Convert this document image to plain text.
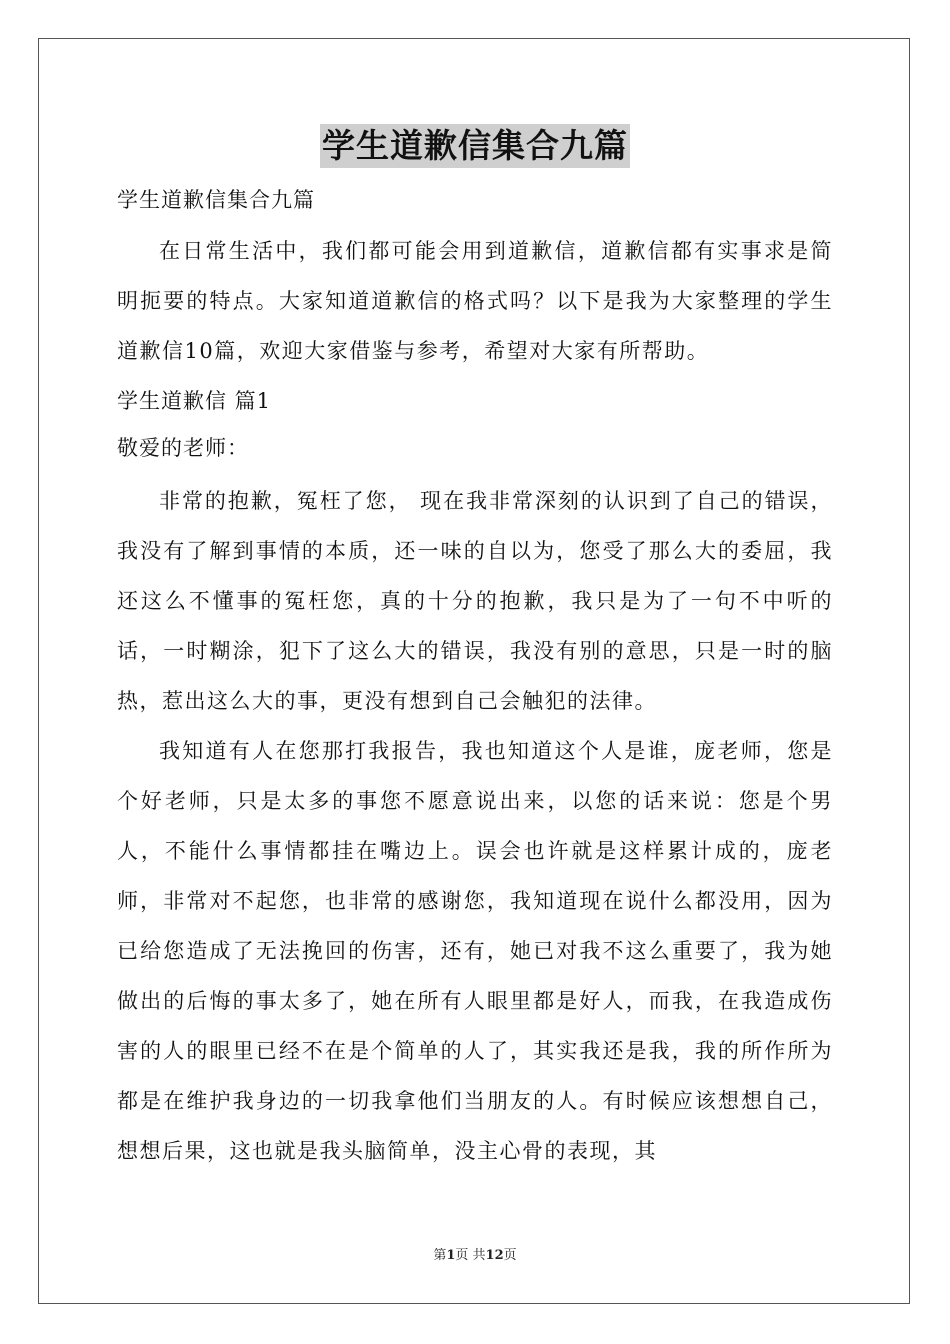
学生道歉信集合九篇
学生道歉信集合九篇

在日常生活中，我们都可能会用到道歉信，道歉信都有实事求是简明扼要的特点。大家知道道歉信的格式吗？以下是我为大家整理的学生道歉信10篇，欢迎大家借鉴与参考，希望对大家有所帮助。

学生道歉信 篇1
敬爱的老师：

非常的抱歉，冤枉了您， 现在我非常深刻的认识到了自己的错误，我没有了解到事情的本质，还一味的自以为，您受了那么大的委屈，我还这么不懂事的冤枉您，真的十分的抱歉，我只是为了一句不中听的话，一时糊涂，犯下了这么大的错误，我没有别的意思，只是一时的脑热，惹出这么大的事，更没有想到自己会触犯的法律。

我知道有人在您那打我报告，我也知道这个人是谁，庞老师，您是个好老师，只是太多的事您不愿意说出来，以您的话来说：您是个男人，不能什么事情都挂在嘴边上。误会也许就是这样累计成的，庞老师，非常对不起您，也非常的感谢您，我知道现在说什么都没用，因为已给您造成了无法挽回的伤害，还有，她已对我不这么重要了，我为她做出的后悔的事太多了，她在所有人眼里都是好人，而我，在我造成伤害的人的眼里已经不在是个简单的人了，其实我还是我，我的所作所为都是在维护我身边的一切我拿他们当朋友的人。有时候应该想想自己，想想后果，这也就是我头脑简单，没主心骨的表现，其

第1页 共12页
